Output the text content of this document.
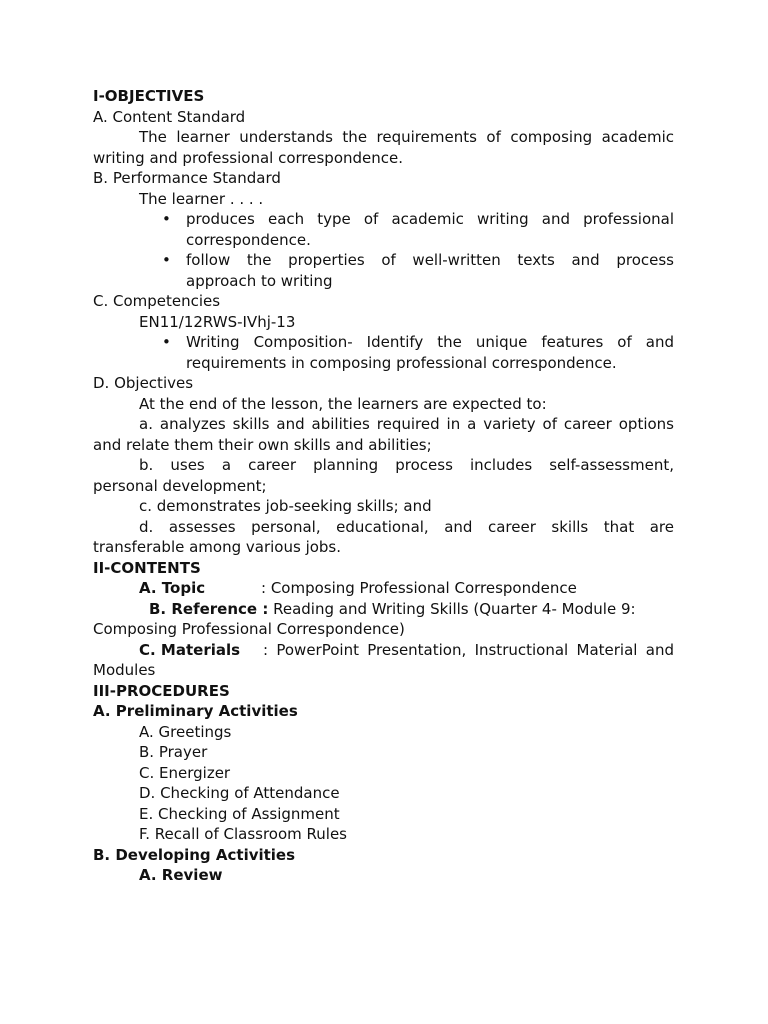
I-OBJECTIVES
A. Content Standard
The learner understands the requirements of composing academic
writing and professional correspondence.
B. Performance Standard
The learner . . . .
• produces each type of academic writing and professional
correspondence.
• follow the properties of well-written texts and process
approach to writing
C. Competencies
EN11/12RWS-IVhj-13
• Writing Composition- Identify the unique features of and
requirements in composing professional correspondence.
D. Objectives
At the end of the lesson, the learners are expected to:
a. analyzes skills and abilities required in a variety of career options
and relate them their own skills and abilities;
b. uses a career planning process includes self-assessment,
personal development;
c. demonstrates job-seeking skills; and
d. assesses personal, educational, and career skills that are
transferable among various jobs.
II-CONTENTS
A. Topic	: Composing Professional Correspondence
B. Reference : Reading and Writing Skills (Quarter 4- Module 9:
Composing Professional Correspondence)
C. Materials	: PowerPoint Presentation, Instructional Material and
Modules
III-PROCEDURES
A. Preliminary Activities
A. Greetings
B. Prayer
C. Energizer
D. Checking of Attendance
E. Checking of Assignment
F. Recall of Classroom Rules
B. Developing Activities
A. Review
